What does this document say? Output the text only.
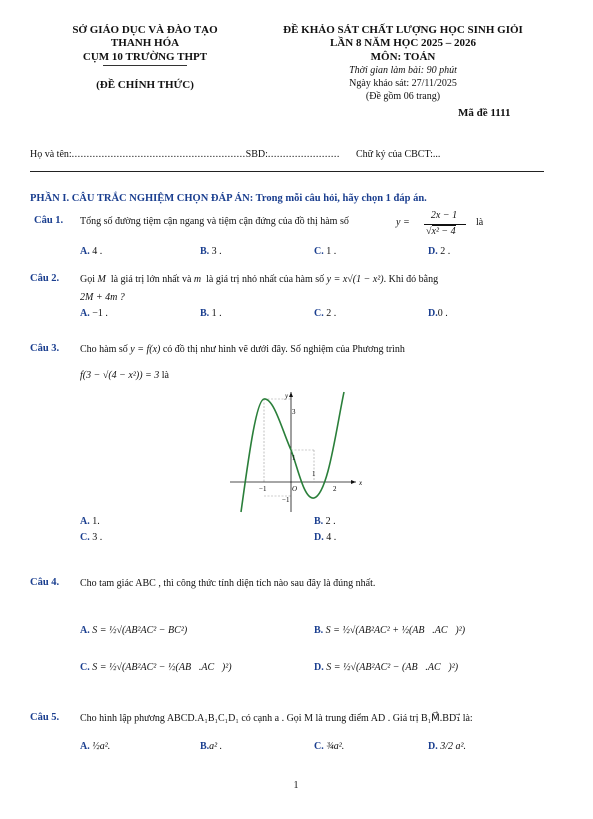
SỞ GIÁO DỤC VÀ ĐÀO TẠO
THANH HÓA
CỤM 10 TRƯỜNG THPT
(ĐỀ CHÍNH THỨC)
ĐỀ KHẢO SÁT CHẤT LƯỢNG HỌC SINH GIỎI
LẦN 8 NĂM HỌC 2025 – 2026
MÔN: TOÁN
Thời gian làm bài: 90 phút
Ngày khảo sát: 27/11/2025
(Đề gồm 06 trang)
Mã đề 1111
Họ và tên:..........................................................SBD:........................ Chữ ký của CBCT:...
PHẦN I. CÂU TRẮC NGHIỆM CHỌN ĐÁP ÁN: Trong mỗi câu hỏi, hãy chọn 1 đáp án.
Câu 1. Tổng số đường tiệm cận ngang và tiệm cận đứng của đồ thị hàm số	y =
2x − 1
√x² − 4
là
A. 4 .	B. 3 .	C. 1 .	D. 2 .
Câu 2. Gọi M là giá trị lớn nhất và m là giá trị nhỏ nhất của hàm số y = x√(1 − x²). Khi đó bằng
2M + 4m ?
A. −1 .	B. 1 .	C. 2 .	D.0 .
Câu 3. Cho hàm số y = f(x) có đồ thị như hình vẽ dưới đây. Số nghiệm của Phương trình
f(3 − √(4 − x²)) = 3 là
y
x
3
1
1
−1	O	2
−1
A. 1.	B. 2 .
C. 3 .	D. 4 .
Câu 4. Cho tam giác ABC , thì công thức tính diện tích nào sau đây là đúng nhất.
A. S = ½√(AB²AC² − BC²)	B. S = ½√(AB²AC² + ½(AB⃗.AC⃗)²)
C. S = ½√(AB²AC² − ½(AB⃗.AC⃗)²)	D. S = ½√(AB²AC² − (AB⃗.AC⃗)²)
Câu 5. Cho hình lập phương ABCD.A₁B₁C₁D₁ có cạnh a . Gọi M là trung điểm AD . Giá trị B₁M⃗.BD₁⃗ là:
A. ½a².	B.a² .	C. ¾a².	D. 3/2 a².
1
